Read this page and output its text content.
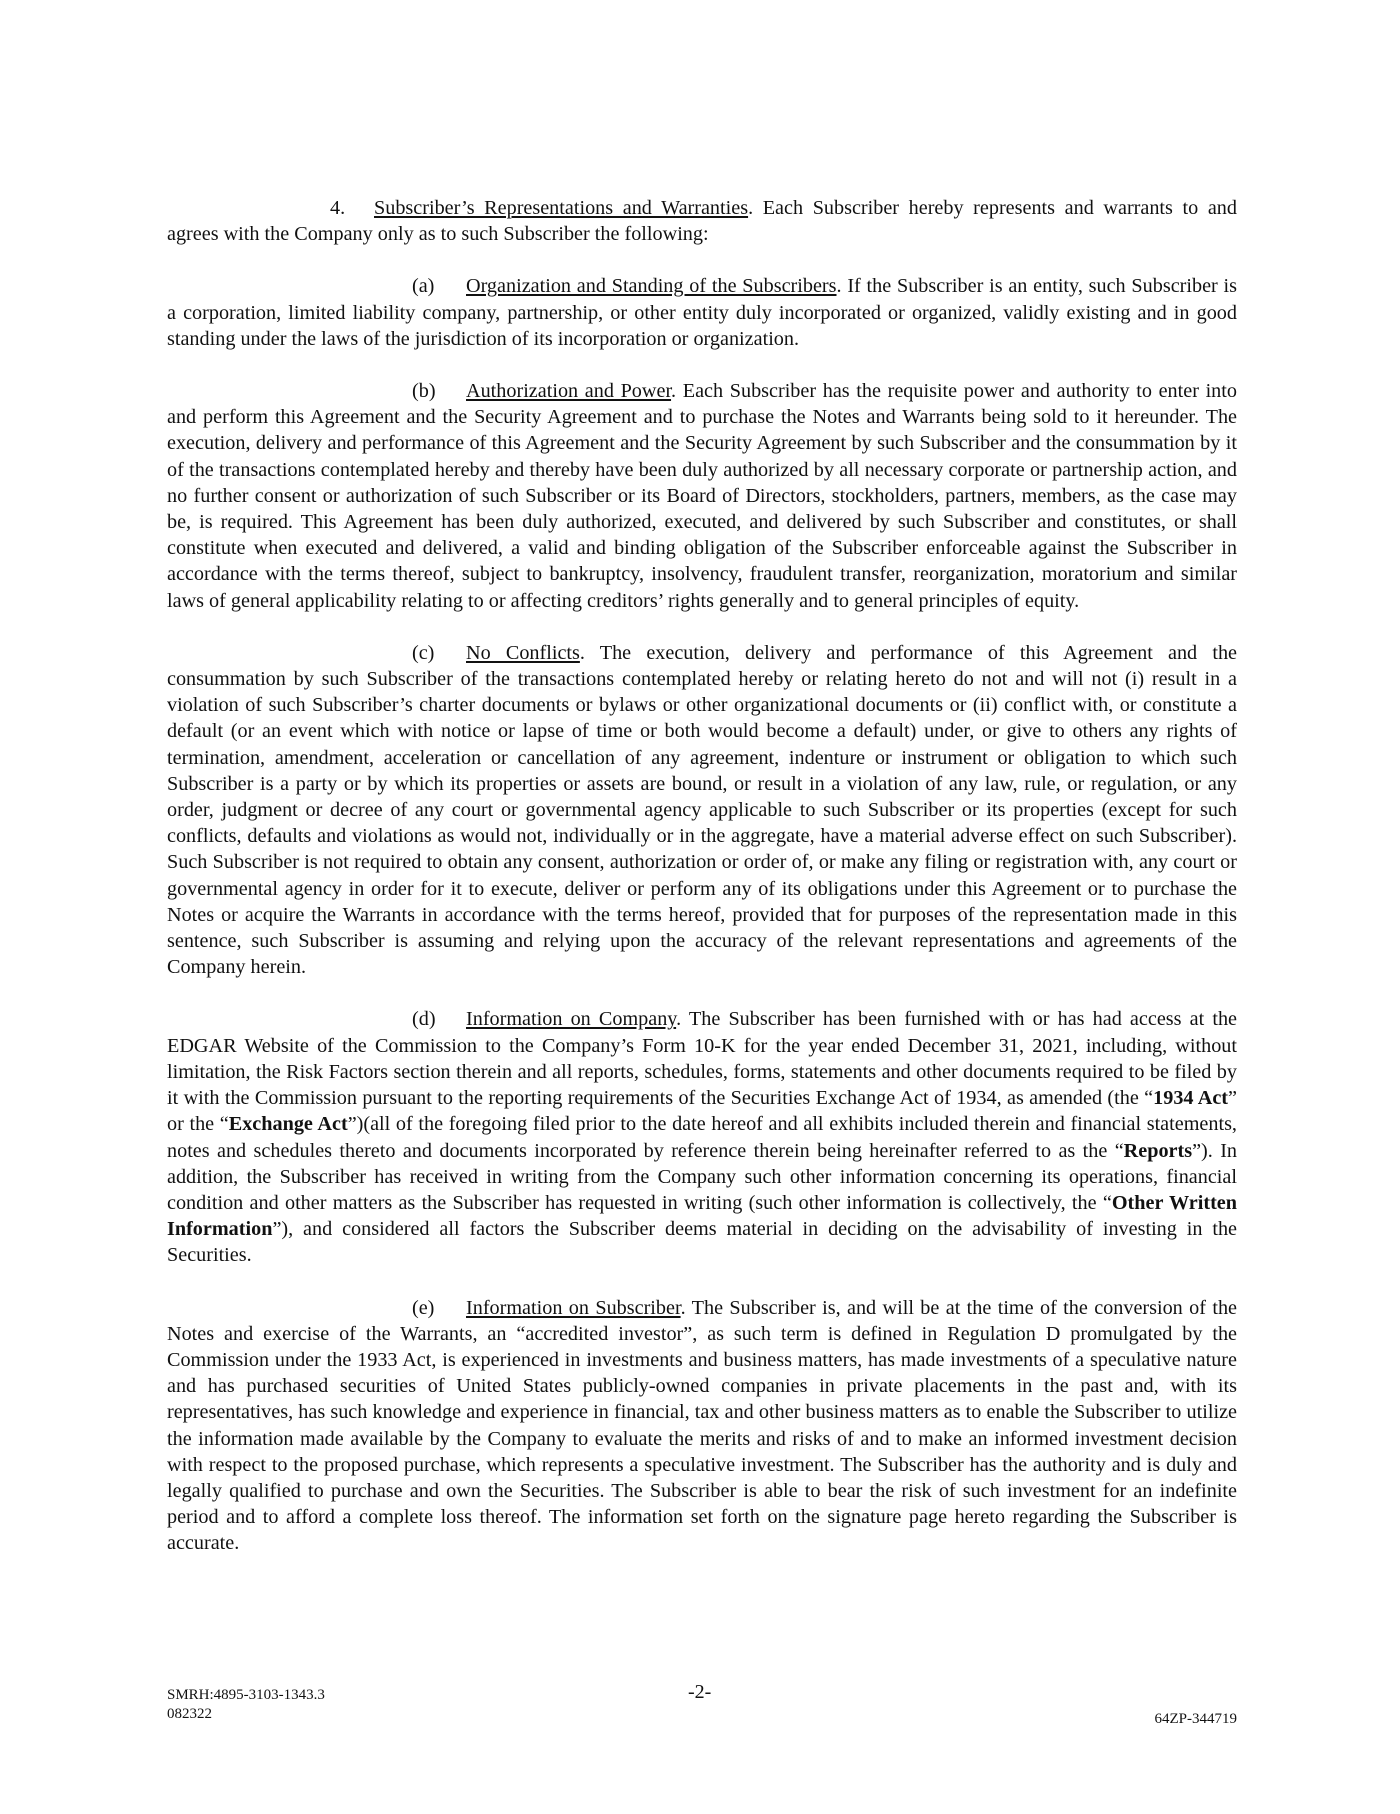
4. Subscriber’s Representations and Warranties. Each Subscriber hereby represents and warrants to and agrees with the Company only as to such Subscriber the following:

(a) Organization and Standing of the Subscribers. If the Subscriber is an entity, such Subscriber is a corporation, limited liability company, partnership, or other entity duly incorporated or organized, validly existing and in good standing under the laws of the jurisdiction of its incorporation or organization.

(b) Authorization and Power. Each Subscriber has the requisite power and authority to enter into and perform this Agreement and the Security Agreement and to purchase the Notes and Warrants being sold to it hereunder. The execution, delivery and performance of this Agreement and the Security Agreement by such Subscriber and the consummation by it of the transactions contemplated hereby and thereby have been duly authorized by all necessary corporate or partnership action, and no further consent or authorization of such Subscriber or its Board of Directors, stockholders, partners, members, as the case may be, is required. This Agreement has been duly authorized, executed, and delivered by such Subscriber and constitutes, or shall constitute when executed and delivered, a valid and binding obligation of the Subscriber enforceable against the Subscriber in accordance with the terms thereof, subject to bankruptcy, insolvency, fraudulent transfer, reorganization, moratorium and similar laws of general applicability relating to or affecting creditors’ rights generally and to general principles of equity.

(c) No Conflicts. The execution, delivery and performance of this Agreement and the consummation by such Subscriber of the transactions contemplated hereby or relating hereto do not and will not (i) result in a violation of such Subscriber’s charter documents or bylaws or other organizational documents or (ii) conflict with, or constitute a default (or an event which with notice or lapse of time or both would become a default) under, or give to others any rights of termination, amendment, acceleration or cancellation of any agreement, indenture or instrument or obligation to which such Subscriber is a party or by which its properties or assets are bound, or result in a violation of any law, rule, or regulation, or any order, judgment or decree of any court or governmental agency applicable to such Subscriber or its properties (except for such conflicts, defaults and violations as would not, individually or in the aggregate, have a material adverse effect on such Subscriber). Such Subscriber is not required to obtain any consent, authorization or order of, or make any filing or registration with, any court or governmental agency in order for it to execute, deliver or perform any of its obligations under this Agreement or to purchase the Notes or acquire the Warrants in accordance with the terms hereof, provided that for purposes of the representation made in this sentence, such Subscriber is assuming and relying upon the accuracy of the relevant representations and agreements of the Company herein.

(d) Information on Company. The Subscriber has been furnished with or has had access at the EDGAR Website of the Commission to the Company’s Form 10-K for the year ended December 31, 2021, including, without limitation, the Risk Factors section therein and all reports, schedules, forms, statements and other documents required to be filed by it with the Commission pursuant to the reporting requirements of the Securities Exchange Act of 1934, as amended (the “1934 Act” or the “Exchange Act”)(all of the foregoing filed prior to the date hereof and all exhibits included therein and financial statements, notes and schedules thereto and documents incorporated by reference therein being hereinafter referred to as the “Reports”). In addition, the Subscriber has received in writing from the Company such other information concerning its operations, financial condition and other matters as the Subscriber has requested in writing (such other information is collectively, the “Other Written Information”), and considered all factors the Subscriber deems material in deciding on the advisability of investing in the Securities.

(e) Information on Subscriber. The Subscriber is, and will be at the time of the conversion of the Notes and exercise of the Warrants, an “accredited investor”, as such term is defined in Regulation D promulgated by the Commission under the 1933 Act, is experienced in investments and business matters, has made investments of a speculative nature and has purchased securities of United States publicly-owned companies in private placements in the past and, with its representatives, has such knowledge and experience in financial, tax and other business matters as to enable the Subscriber to utilize the information made available by the Company to evaluate the merits and risks of and to make an informed investment decision with respect to the proposed purchase, which represents a speculative investment. The Subscriber has the authority and is duly and legally qualified to purchase and own the Securities. The Subscriber is able to bear the risk of such investment for an indefinite period and to afford a complete loss thereof. The information set forth on the signature page hereto regarding the Subscriber is accurate.

SMRH:4895-3103-1343.3
082322
-2-
64ZP-344719
